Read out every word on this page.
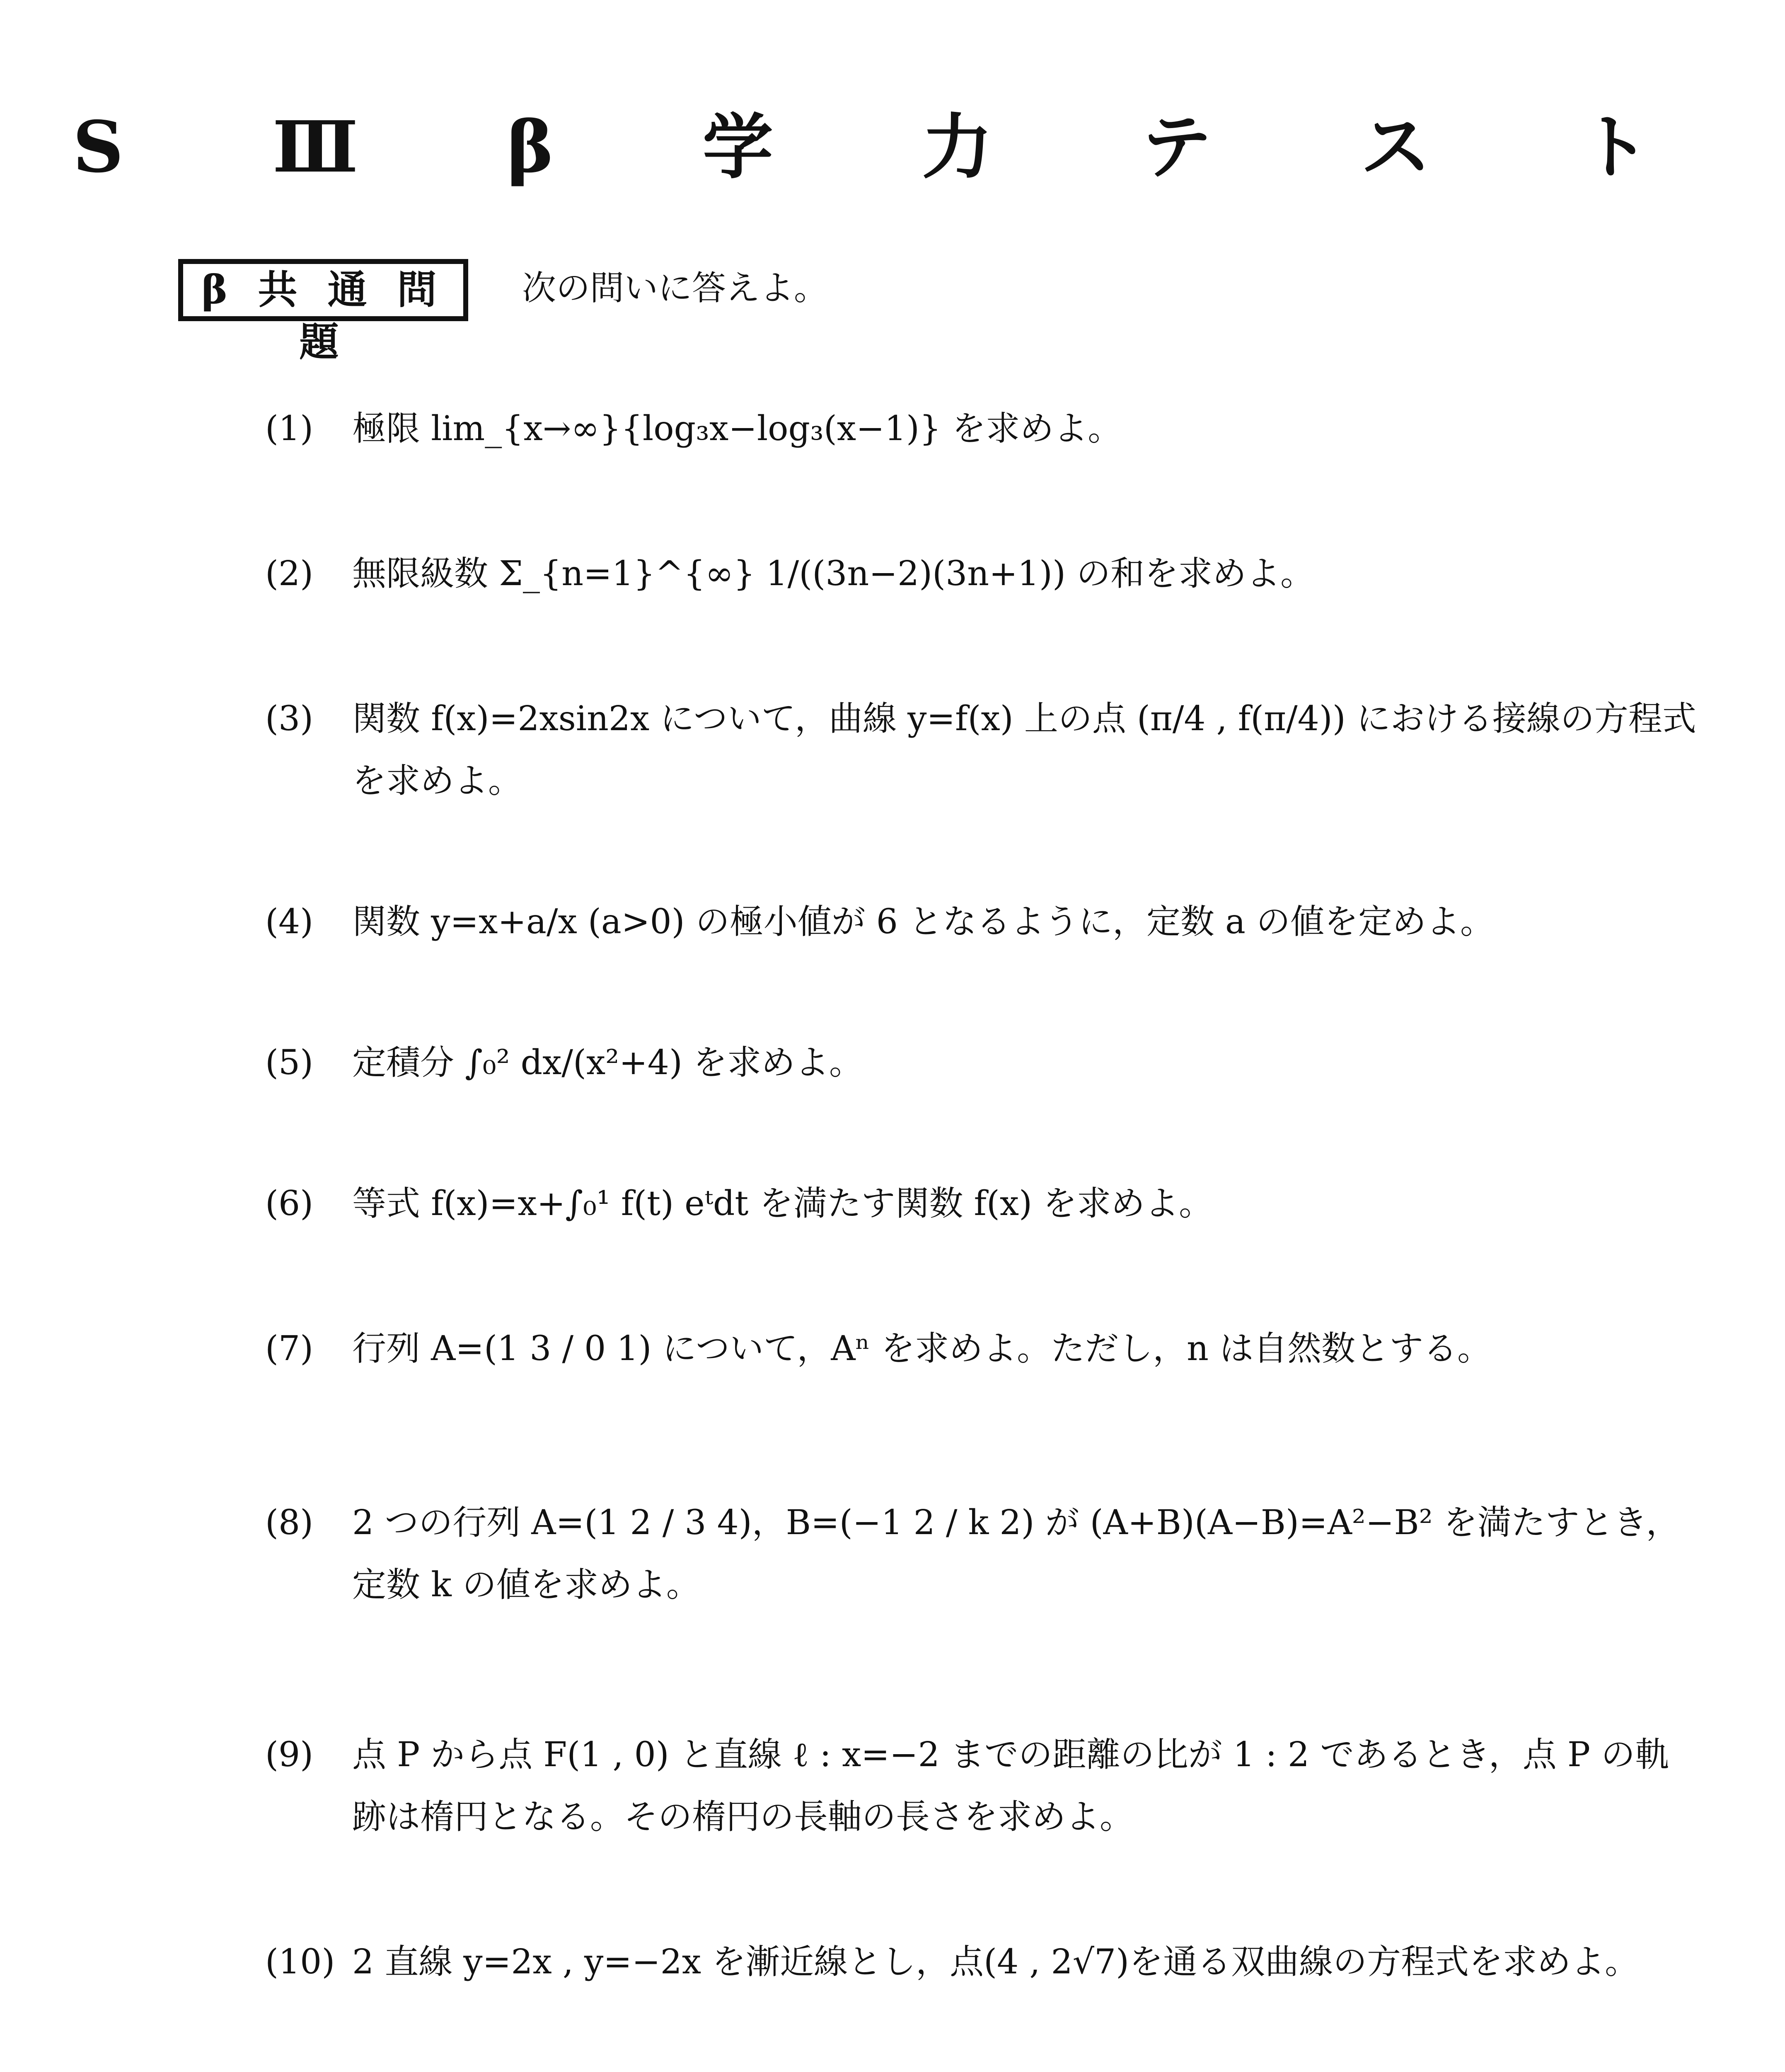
S Ⅲ β 学 力 テ ス ト
β 共 通 問 題
次の問いに答えよ。
(1)	極限 lim_{x→∞}{log₃x−log₃(x−1)} を求めよ。
(2)	無限級数 Σ_{n=1}^{∞} 1/((3n−2)(3n+1)) の和を求めよ。
(3)	関数 f(x)=2xsin2x について，曲線 y=f(x) 上の点 (π/4 , f(π/4)) における接線の方程式を求めよ。
(4)	関数 y=x+a/x (a>0) の極小値が 6 となるように，定数 a の値を定めよ。
(5)	定積分 ∫₀² dx/(x²+4) を求めよ。
(6)	等式 f(x)=x+∫₀¹ f(t) eᵗdt を満たす関数 f(x) を求めよ。
(7)	行列 A=(1 3 / 0 1) について，Aⁿ を求めよ。ただし，n は自然数とする。
(8)	2 つの行列 A=(1 2 / 3 4)，B=(−1 2 / k 2) が (A+B)(A−B)=A²−B² を満たすとき，定数 k の値を求めよ。
(9)	点 P から点 F(1 , 0) と直線 ℓ : x=−2 までの距離の比が 1 : 2 であるとき，点 P の軌跡は楕円となる。その楕円の長軸の長さを求めよ。
(10) 2 直線 y=2x , y=−2x を漸近線とし，点(4 , 2√7)を通る双曲線の方程式を求めよ。
